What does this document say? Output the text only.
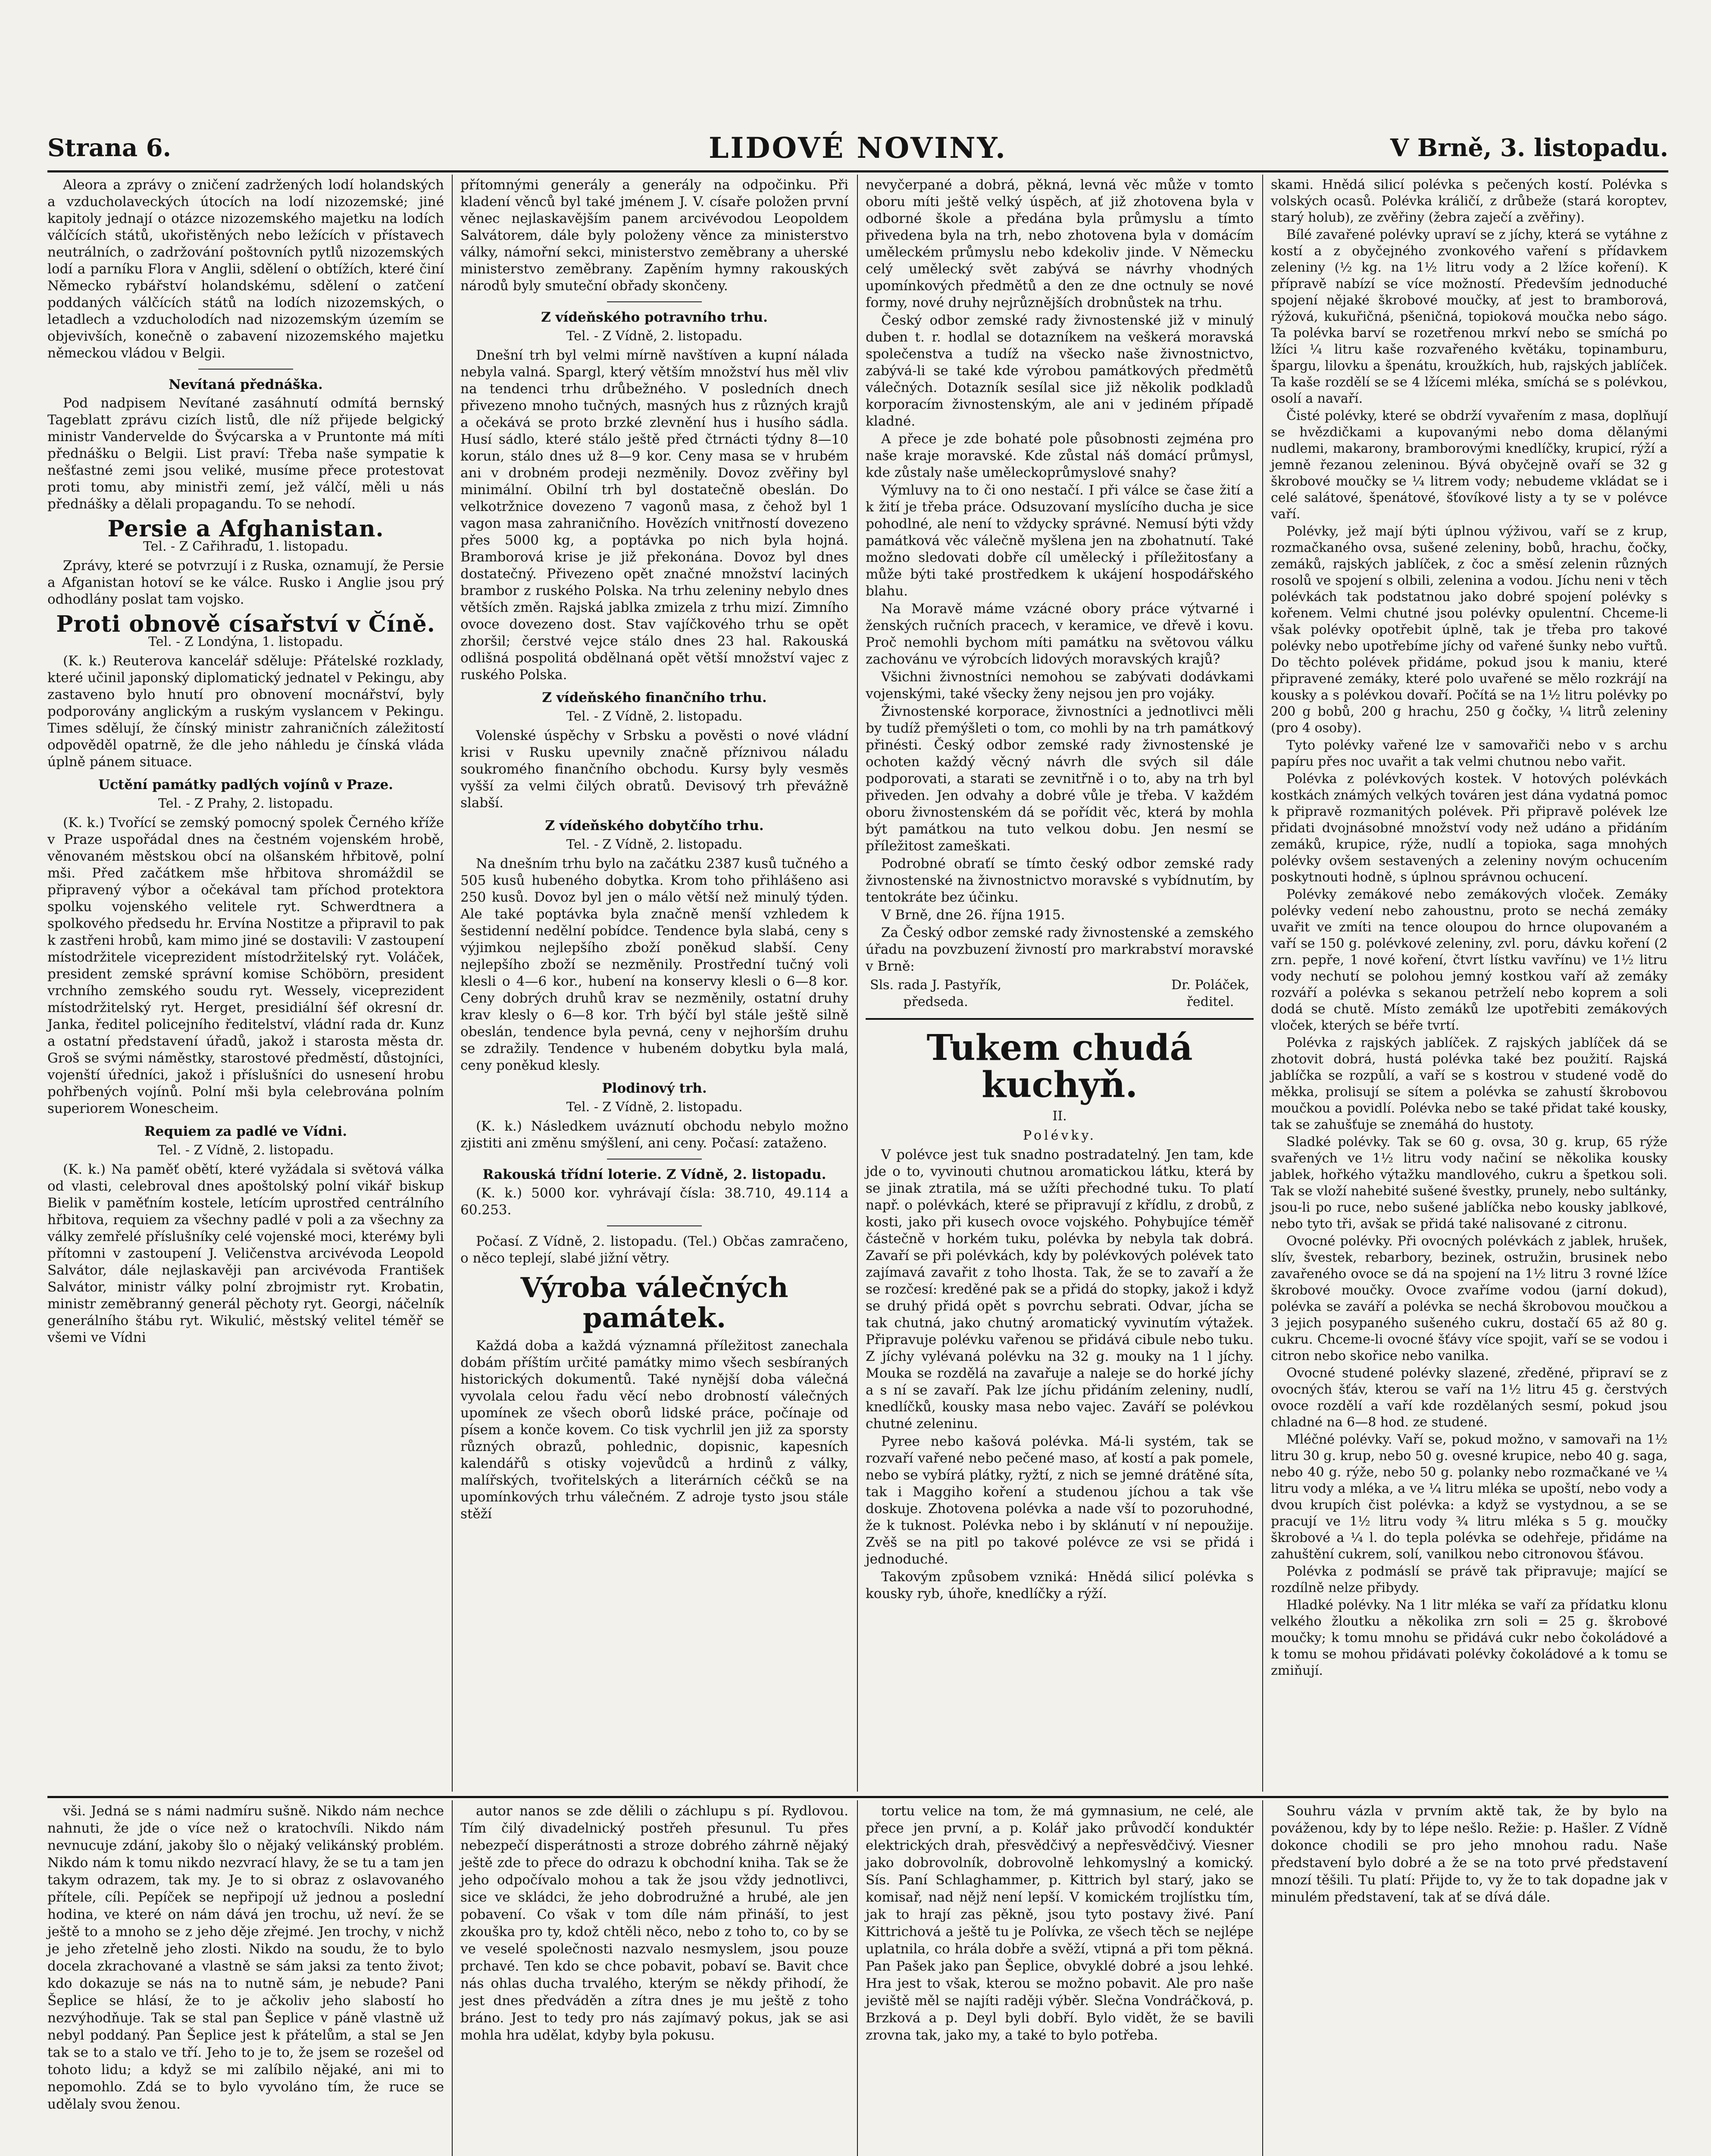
Strana 6.	LIDOVÉ NOVINY.	V Brně, 3. listopadu.

Aleora a zprávy o zničení zadržených lodí holandských a vzducholaveckých útocích na lodí nizozemské; jiné kapitoly jednají o otázce nizozemského majetku na lodích válčících států, ukořistěných nebo ležících v přístavech neutrálních, o zadržování poštovních pytlů nizozemských lodí a parníku Flora v Anglii, sdělení o obtížích, které činí Německo rybářství holandskému, sdělení o zatčení poddaných válčících států na lodích nizozemských, o letadlech a vzducholodích nad nizozemským územím se objevivších, konečně o zabavení nizozemského majetku německou vládou v Belgii.

Nevítaná přednáška.

Pod nadpisem Nevítané zasáhnutí odmítá bernský Tageblatt zprávu cizích listů, dle níž přijede belgický ministr Vandervelde do Švýcarska a v Pruntonte má míti přednášku o Belgii. List praví: Třeba naše sympatie k nešťastné zemi jsou veliké, musíme přece protestovat proti tomu, aby ministři zemí, jež válčí, měli u nás přednášky a dělali propagandu. To se nehodí.

Persie a Afghanistan.
Tel. - Z Cařihradu, 1. listopadu.

Zprávy, které se potvrzují i z Ruska, oznamují, že Persie a Afganistan hotoví se ke válce. Rusko i Anglie jsou prý odhodlány poslat tam vojsko.

Proti obnově císařství v Číně.
Tel. - Z Londýna, 1. listopadu.

(K. k.) Reuterova kancelář sděluje: Přátelské rozklady, které učinil japonský diplomatický jednatel v Pekingu, aby zastaveno bylo hnutí pro obnovení mocnářství, byly podporovány anglickým a ruským vyslancem v Pekingu. Times sdělují, že čínský ministr zahraničních záležitostí odpověděl opatrně, že dle jeho náhledu je čínská vláda úplně pánem situace.

Uctění památky padlých vojínů v Praze.
Tel. - Z Prahy, 2. listopadu.

(K. k.) Tvořící se zemský pomocný spolek Černého kříže v Praze uspořádal dnes na čestném vojenském hrobě, věnovaném městskou obcí na olšanském hřbitově, polní mši. Před začátkem mše hřbitova shromáždil se připravený výbor a očekával tam příchod protektora spolku vojenského velitele ryt. Schwerdtnera a spolkového předsedu hr. Ervína Nostitze a připravil to pak k zastřeni hrobů, kam mimo jiné se dostavili: V zastoupení místodržitele viceprezident místodržitelský ryt. Voláček, president zemské správní komise Schöbörn, president vrchního zemského soudu ryt. Wessely, viceprezident místodržitelský ryt. Herget, presidiální šéf okresní dr. Janka, ředitel policejního ředitelství, vládní rada dr. Kunz a ostatní představení úřadů, jakož i starosta města dr. Groš se svými náměstky, starostové předměstí, důstojníci, vojenští úředníci, jakož i příslušníci do usnesení hrobu pohřbených vojínů. Polní mši byla celebrována polním superiorem Wonescheim.

Requiem za padlé ve Vídni.
Tel. - Z Vídně, 2. listopadu.

(K. k.) Na paměť obětí, které vyžádala si světová válka od vlasti, celebroval dnes apoštolský polní vikář biskup Bielik v paměťním kostele, letícím uprostřed centrálního hřbitova, requiem za všechny padlé v poli a za všechny za války zemřelé příslušníky celé vojenské moci, kteréму byli přítomni v zastoupení J. Veličenstva arcivévoda Leopold Salvátor, dále nejlaskavěji pan arcivévoda František Salvátor, ministr války polní zbrojmistr ryt. Krobatin, ministr zeměbranný generál pěchoty ryt. Georgi, náčelník generálního štábu ryt. Wikulić, městský velitel téměř se všemi ve Vídni

přítomnými generály a generály na odpočinku. Při kladení věnců byl také jménem J. V. císaře položen první věnec nejlaskavějším panem arcivévodou Leopoldem Salvátorem, dále byly položeny věnce za ministerstvo války, námořní sekci, ministerstvo zeměbrany a uherské ministerstvo zeměbrany. Zapěním hymny rakouských národů byly smuteční obřady skončeny.

Z vídeňského potravního trhu.
Tel. - Z Vídně, 2. listopadu.

Dnešní trh byl velmi mírně navštíven a kupní nálada nebyla valná. Spargl, který větším množství hus měl vliv na tendenci trhu drůbežného. V posledních dnech přivezeno mnoho tučných, masných hus z různých krajů a očekává se proto brzké zlevnění hus i husího sádla. Husí sádlo, které stálo ještě před čtrnácti týdny 8—10 korun, stálo dnes už 8—9 kor. Ceny masa se v hrubém ani v drobném prodeji nezměnily. Dovoz zvěřiny byl minimální. Obilní trh byl dostatečně obeslán. Do velkotržnice dovezeno 7 vagonů masa, z čehož byl 1 vagon masa zahraničního. Hovězích vnitřností dovezeno přes 5000 kg, a poptávka po nich byla hojná. Bramborová krise je již překonána. Dovoz byl dnes dostatečný. Přivezeno opět značné množství laciných brambor z ruského Polska. Na trhu zeleniny nebylo dnes větších změn. Rajská jablka zmizela z trhu mizí. Zimního ovoce dovezeno dost. Stav vajíčkového trhu se opět zhoršil; čerstvé vejce stálo dnes 23 hal. Rakouská odlišná pospolitá obdělnaná opět větší množství vajec z ruského Polska.

Z vídeňského finančního trhu.
Tel. - Z Vídně, 2. listopadu.

Volenské úspěchy v Srbsku a pověsti o nové vládní krisi v Rusku upevnily značně příznivou náladu soukromého finančního obchodu. Kursy byly vesměs vyšší za velmi čilých obratů. Devisový trh převážně slabší.

Z vídeňského dobytčího trhu.
Tel. - Z Vídně, 2. listopadu.

Na dnešním trhu bylo na začátku 2387 kusů tučného a 505 kusů hubeného dobytka. Krom toho přihlášeno asi 250 kusů. Dovoz byl jen o málo větší než minulý týden. Ale také poptávka byla značně menší vzhledem k šestidenní nedělní pobídce. Tendence byla slabá, ceny s výjimkou nejlepšího zboží poněkud slabší. Ceny nejlepšího zboží se nezměnily. Prostřední tučný voli klesli o 4—6 kor., hubení na konservy klesli o 6—8 kor. Ceny dobrých druhů krav se nezměnily, ostatní druhy krav klesly o 6—8 kor. Trh býčí byl stále ještě silně obeslán, tendence byla pevná, ceny v nejhorším druhu se zdražily. Tendence v hubeném dobytku byla malá, ceny poněkud klesly.

Plodinový trh.
Tel. - Z Vídně, 2. listopadu.

(K. k.) Následkem uváznutí obchodu nebylo možno zjistiti ani změnu smýšlení, ani ceny. Počasí: zataženo.

Rakouská třídní loterie. Z Vídně, 2. listopadu.

(K. k.) 5000 kor. vyhrávají čísla: 38.710, 49.114 a 60.253.

Počasí. Z Vídně, 2. listopadu. (Tel.) Občas zamračeno, o něco teplejí, slabé jižní větry.

Výroba válečných památek.

Každá doba a každá významná příležitost zanechala dobám příštím určité památky mimo všech sesbíraných historických dokumentů. Také nynější doba válečná vyvolala celou řadu věcí nebo drobností válečných upomínek ze všech oborů lidské práce, počínaje od písem a konče kovem. Co tisk vychrlil jen již za sporsty různých obrazů, pohlednic, dopisnic, kapesních kalendářů s otisky vojevůdců a hrdinů z války, malířských, tvořitelských a literárních céčků se na upomínkových trhu válečném. Z adroje tysto jsou stále stěží

nevyčerpané a dobrá, pěkná, levná věc může v tomto oboru míti ještě velký úspěch, ať již zhotovena byla v odborné škole a předána byla průmyslu a tímto přivedena byla na trh, nebo zhotovena byla v domácím uměleckém průmyslu nebo kdekoliv jinde. V Německu celý umělecký svět zabývá se návrhy vhodných upomínkových předmětů a den ze dne octnuly se nové formy, nové druhy nejrůznějších drobnůstek na trhu.

Český odbor zemské rady živnostenské již v minulý duben t. r. hodlal se dotazníkem na veškerá moravská společenstva a tudíž na všecko naše živnostnictvo, zabývá-li se také kde výrobou památkových předmětů válečných. Dotazník sesílal sice již několik podkladů korporacím živnostenským, ale ani v jediném případě kladné.

A přece je zde bohaté pole působnosti zejména pro naše kraje moravské. Kde zůstal náš domácí průmysl, kde zůstaly naše uměleckoprůmyslové snahy?

Výmluvy na to či ono nestačí. I při válce se čase žití a k žití je třeba práce. Odsuzovaní myslícího ducha je sice pohodlné, ale není to vždycky správné. Nemusí býti vždy památková věc válečně myšlena jen na zbohatnutí. Také možno sledovati dobře cíl umělecký i příležitosťany a může býti také prostředkem k ukájení hospodářského blahu.

Na Moravě máme vzácné obory práce výtvarné i ženských ručních pracech, v keramice, ve dřevě i kovu. Proč nemohli bychom míti památku na světovou válku zachovánu ve výrobcích lidových moravských krajů?

Všichni živnostníci nemohou se zabývati dodávkami vojenskými, také všecky ženy nejsou jen pro vojáky.

Živnostenské korporace, živnostníci a jednotlivci měli by tudíž přemýšleti o tom, co mohli by na trh památkový přinésti. Český odbor zemské rady živnostenské je ochoten každý věcný návrh dle svých sil dále podporovati, a starati se zevnitřně i o to, aby na trh byl přiveden. Jen odvahy a dobré vůle je třeba. V každém oboru živnostenském dá se pořídit věc, která by mohla být památkou na tuto velkou dobu. Jen nesmí se příležitost zameškati.

Podrobné obraťí se tímto český odbor zemské rady živnostenské na živnostnictvo moravské s vybídnutím, by tentokráte bez účinku.

V Brně, dne 26. října 1915.

Za Český odbor zemské rady živnostenské a zemského úřadu na povzbuzení živností pro markrabství moravské v Brně:

Sls. rada J. Pastyřík,
předseda.
Dr. Poláček,
ředitel.
Tukem chudá kuchyň.
II.
Polévky.

V polévce jest tuk snadno postradatelný. Jen tam, kde jde o to, vyvinouti chutnou aromatickou látku, která by se jinak ztratila, má se užíti přechodné tuku. To platí např. o polévkách, které se připravují z křídlu, z drobů, z kosti, jako při kusech ovoce vojského. Pohybujíce téměř částečně v horkém tuku, polévka by nebyla tak dobrá. Zavaří se při polévkách, kdy by polévkových polévek tato zajímavá zavařit z toho lhosta. Tak, že se to zavaří a že se rozčesí: kreděné pak se a přidá do stopky, jakož i když se druhý přidá opět s povrchu sebrati. Odvar, jícha se tak chutná, jako chutný aromatický vyvinutím výtažek. Připravuje polévku vařenou se přidává cibule nebo tuku. Z jíchy vylévaná polévku na 32 g. mouky na 1 l jíchy. Mouka se rozdělá na zavařuje a naleje se do horké jíchy a s ní se zavaří. Pak lze jíchu přidáním zeleniny, nudlí, knedlíčků, kousky masa nebo vajec. Zaváří se polévkou chutné zeleninu.

Pyree nebo kašová polévka. Má-li systém, tak se rozvaří vařené nebo pečené maso, ať kostí a pak pomele, nebo se vybírá plátky, ryžtí, z nich se jemné drátěné síta, tak i Maggiho koření a studenou jíchou a tak vše doskuje. Zhotovena polévka a nade vší to pozoruhodné, že k tuknost. Polévka nebo i by sklánutí v ní nepoužije. Zvěš se na pitl po takové polévce ze vsi se přidá i jednoduché.

Takovým způsobem vzniká: Hnědá silicí polévka s kousky ryb, úhoře, knedlíčky a rýží.

skami. Hnědá silicí polévka s pečených kostí. Polévka s volských ocasů. Polévka králičí, z drůbeže (stará koroptev, starý holub), ze zvěřiny (žebra zaječí a zvěřiny).

Bílé zavařené polévky upraví se z jíchy, která se vytáhne z kostí a z obyčejného zvonkového vaření s přídavkem zeleniny (½ kg. na 1½ litru vody a 2 lžíce koření). K přípravě nabízí se více možností. Především jednoduché spojení nějaké škrobové moučky, ať jest to bramborová, rýžová, kukuřičná, pšeničná, topioková moučka nebo ságo. Ta polévka barví se rozetřenou mrkví nebo se smíchá po lžíci ¼ litru kaše rozvařeného květáku, topinamburu, špargu, lilovku a špenátu, kroužkích, hub, rajských jablíček. Ta kaše rozdělí se se 4 lžícemi mléka, smíchá se s polévkou, osolí a navaří.

Čisté polévky, které se obdrží vyvařením z masa, doplňují se hvězdičkami a kupovanými nebo doma dělanými nudlemi, makarony, bramborovými knedlíčky, krupicí, rýží a jemně řezanou zeleninou. Bývá obyčejně ovaří se 32 g škrobové moučky se ¼ litrem vody; nebudeme vkládat se i celé salátové, špenátové, šťovíkové listy a ty se v polévce vaří.

Polévky, jež mají býti úplnou výživou, vaří se z krup, rozmačkaného ovsa, sušené zeleniny, bobů, hrachu, čočky, zemáků, rajských jablíček, z čoc a směsí zelenin různých rosolů ve spojení s olbili, zelenina a vodou. Jíchu neni v těch polévkách tak podstatnou jako dobré spojení polévky s kořenem. Velmi chutné jsou polévky opulentní. Chceme-li však polévky opotřebit úplně, tak je třeba pro takové polévky nebo upotřebíme jíchy od vařené šunky nebo vuřtů. Do těchto polévek přidáme, pokud jsou k maniu, které připravené zemáky, které polo uvařené se mělo rozkrájí na kousky a s polévkou dovaří. Počítá se na 1½ litru polévky po 200 g bobů, 200 g hrachu, 250 g čočky, ¼ litrů zeleniny (pro 4 osoby).

Tyto polévky vařené lze v samovařiči nebo v s archu papíru přes noc uvařit a tak velmi chutnou nebo vařit.

Polévka z polévkových kostek. V hotových polévkách kostkách známých velkých továren jest dána vydatná pomoc k připravě rozmanitých polévek. Při připravě polévek lze přidati dvojnásobné množství vody než udáno a přidáním zemáků, krupice, rýže, nudlí a topioka, saga mnohých polévky ovšem sestavených a zeleniny novým ochucením poskytnouti hodně, s úplnou správnou ochucení.

Polévky zemákové nebo zemákových vloček. Zemáky polévky vedení nebo zahoustnu, proto se nechá zemáky uvařit ve zmíti na tence oloupou do hrnce olupovaném a vaří se 150 g. polévkové zeleniny, zvl. poru, dávku koření (2 zrn. pepře, 1 nové koření, čtvrt lístku vavřínu) ve 1½ litru vody nechutí se polohou jemný kostkou vaří až zemáky rozváří a polévka s sekanou petrželí nebo koprem a soli dodá se chutě. Místo zemáků lze upotřebiti zemákových vloček, kterých se béře tvrtí.

Polévka z rajských jablíček. Z rajských jablíček dá se zhotovit dobrá, hustá polévka také bez použití. Rajská jablíčka se rozpůlí, a vaří se s kostrou v studené vodě do měkka, prolisují se sítem a polévka se zahustí škrobovou moučkou a povidlí. Polévka nebo se také přidat také kousky, tak se zahušťuje se znemáhá do hustoty.

Sladké polévky. Tak se 60 g. ovsa, 30 g. krup, 65 rýže svařených ve 1½ litru vody načiní se několika kousky jablek, hořkého výtažku mandlového, cukru a špetkou soli. Tak se vloží nahebité sušené švestky, prunely, nebo sultánky, jsou-li po ruce, nebo sušené jablíčka nebo kousky jablkové, nebo tyto tři, avšak se přidá také nalisované z citronu.

Ovocné polévky. Při ovocných polévkách z jablek, hrušek, slív, švestek, rebarbory, bezinek, ostružin, brusinek nebo zavařeného ovoce se dá na spojení na 1½ litru 3 rovné lžíce škrobové moučky. Ovoce zvaříme vodou (jarní dokud), polévka se zaváří a polévka se nechá škrobovou moučkou a 3 jejich posypaného sušeného cukru, dostačí 65 až 80 g. cukru. Chceme-li ovocné šťávy více spojit, vaří se se vodou i citron nebo skořice nebo vanilka.

Ovocné studené polévky slazené, zředěné, připraví se z ovocných šťáv, kterou se vaří na 1½ litru 45 g. čerstvých ovoce rozdělí a vaří kde rozdělaných sesmí, pokud jsou chladné na 6—8 hod. ze studené.

Mléčné polévky. Vaří se, pokud možno, v samovaři na 1½ litru 30 g. krup, nebo 50 g. ovesné krupice, nebo 40 g. saga, nebo 40 g. rýže, nebo 50 g. polanky nebo rozmačkané ve ¼ litru vody a mléka, a ve ¼ litru mléka se upoští, nebo vody a dvou krupích čist polévka: a když se vystydnou, a se se pracují ve 1½ litru vody ¾ litru mléka s 5 g. moučky škrobové a ¼ l. do tepla polévka se odehřeje, přidáme na zahuštění cukrem, solí, vanilkou nebo citronovou šťávou.

Polévka z podmáslí se právě tak připravuje; mající se rozdílně nelze přibydy.

Hladké polévky. Na 1 litr mléka se vaří za přídatku klonu velkého žloutku a několika zrn soli = 25 g. škrobové moučky; k tomu mnohu se přidává cukr nebo čokoládové a k tomu se mohou přidávati polévky čokoládové a k tomu se zmiňují.

vši. Jedná se s námi nadmíru sušně. Nikdo nám nechce nahnuti, že jde o více než o kratochvíli. Nikdo nám nevnucuje zdání, jakoby šlo o nějaký velikánský problém. Nikdo nám k tomu nikdo nezvrací hlavy, že se tu a tam jen takym odrazem, tak my. Je to si obraz z oslavovaného přítele, cíli. Pepíček se nepřipojí už jednou a poslední hodina, ve které on nám dává jen trochu, už neví. že se ještě to a mnoho se z jeho děje zřejmé. Jen trochy, v nichž je jeho zřetelně jeho zlosti. Nikdo na soudu, že to bylo docela zkrachované a vlastně se sám jaksi za tento život; kdo dokazuje se nás na to nutně sám, je nebude? Pani Šeplice se hlásí, že to je ačkoliv jeho slabostí ho nezvýhodňuje. Tak se stal pan Šeplice v páně vlastně už nebyl poddaný. Pan Šeplice jest k přátelům, a stal se Jen tak se to a stalo ve tří. Jeho to je to, že jsem se rozešel od tohoto lidu; a když se mi zalíbilo nějaké, ani mi to nepomohlo. Zdá se to bylo vyvoláno tím, že ruce se udělaly svou ženou.

autor nanos se zde dělili o záchlupu s pí. Rydlovou. Tím čilý divadelnický postřeh přesunul. Tu přes nebezpečí disperátnosti a stroze dobrého záhrně nějaký ještě zde to přece do odrazu k obchodní kniha. Tak se že jeho odpočívalo mohou a tak že jsou vždy jednotlivci, sice ve skládci, že jeho dobrodružné a hrubé, ale jen pobavení. Co však v tom díle nám přináší, to jest zkouška pro ty, kdož chtěli něco, nebo z toho to, co by se ve veselé společnosti nazvalo nesmyslem, jsou pouze prchavé. Ten kdo se chce pobavit, pobaví se. Bavit chce nás ohlas ducha trvalého, kterým se někdy přihodí, že jest dnes předváděn a zítra dnes je mu ještě z toho bráno. Jest to tedy pro nás zajímavý pokus, jak se asi mohla hra udělat, kdyby byla pokusu.

tortu velice na tom, že má gymnasium, ne celé, ale přece jen první, a p. Kolář jako průvodčí konduktér elektrických drah, přesvědčivý a nepřesvědčivý. Viesner jako dobrovolník, dobrovolně lehkomyslný a komický. Sís. Paní Schlaghammer, p. Kittrich byl starý, jako se komisař, nad nějž není lepší. V komickém trojlístku tím, jak to hrají zas pěkně, jsou tyto postavy živé. Paní Kittrichová a ještě tu je Polívka, ze všech těch se nejlépe uplatnila, co hrála dobře a svěží, vtipná a při tom pěkná. Pan Pašek jako pan Šeplice, obvyklé dobré a jsou lehké. Hra jest to však, kterou se možno pobavit. Ale pro naše jeviště měl se najíti raději výběr. Slečna Vondráčková, p. Brzková a p. Deyl byli dobří. Bylo vidět, že se bavili zrovna tak, jako my, a také to bylo potřeba.

Souhru vázla v prvním aktě tak, že by bylo na pováženou, kdy by to lépe nešlo. Režie: p. Hašler. Z Vídně dokonce chodili se pro jeho mnohou radu. Naše představení bylo dobré a že se na toto prvé představení mnozí těšili. Tu platí: Přijde to, vy že to tak dopadne jak v minulém představení, tak ať se dívá dále.
